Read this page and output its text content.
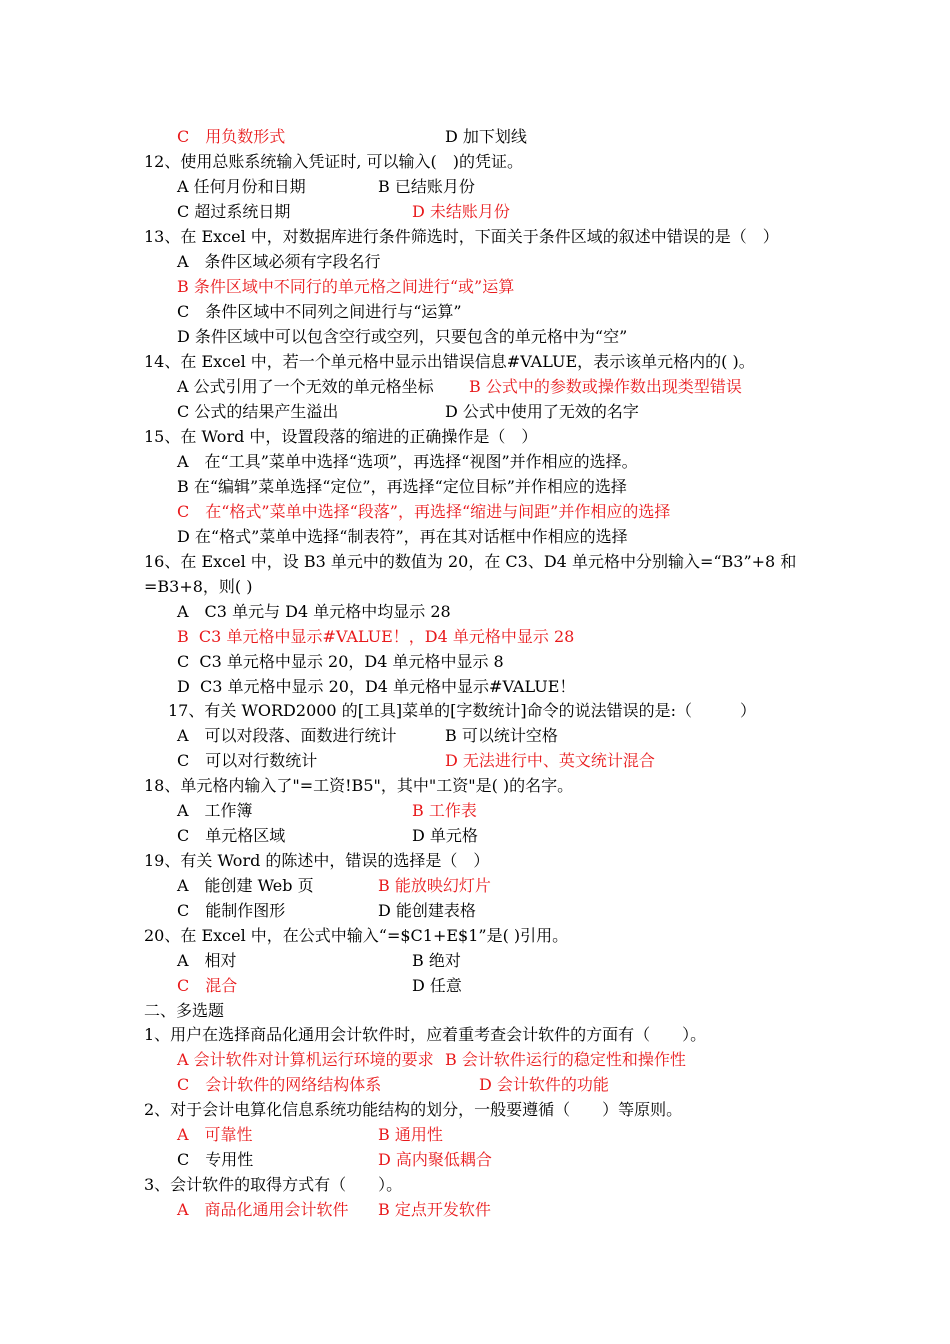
C　用负数形式

	D 加下划线

12、使用总账系统输入凭证时, 可以输入(　)的凭证。

A 任何月份和日期

	B 已结账月份

C 超过系统日期

	D 未结账月份

13、在 Excel 中，对数据库进行条件筛选时，下面关于条件区域的叙述中错误的是（　）
A　条件区域必须有字段名行
B 条件区域中不同行的单元格之间进行“或”运算
C　条件区域中不同列之间进行与“运算”
D 条件区域中可以包含空行或空列，只要包含的单元格中为“空”
14、在 Excel 中，若一个单元格中显示出错误信息#VALUE，表示该单元格内的( )。

A 公式引用了一个无效的单元格坐标

B 公式中的参数或操作数出现类型错误

C 公式的结果产生溢出

	D 公式中使用了无效的名字

15、在 Word 中，设置段落的缩进的正确操作是（　）
A　在“工具”菜单中选择“选项”，再选择“视图”并作相应的选择。
B 在“编辑”菜单选择“定位”，再选择“定位目标”并作相应的选择
C　在“格式”菜单中选择“段落”，再选择“缩进与间距”并作相应的选择
D 在“格式”菜单中选择“制表符”，再在其对话框中作相应的选择
16、在 Excel 中，设 B3 单元中的数值为 20，在 C3、D4 单元格中分别输入=“B3”+8 和
=B3+8，则( )
A　C3 单元与 D4 单元格中均显示 28
B  C3 单元格中显示#VALUE！，D4 单元格中显示 28
C  C3 单元格中显示 20，D4 单元格中显示 8
D  C3 单元格中显示 20，D4 单元格中显示#VALUE！
17、有关 WORD2000 的[工具]菜单的[字数统计]命令的说法错误的是:（　　　）

A　可以对段落、面数进行统计

	B 可以统计空格

C　可以对行数统计

	D 无法进行中、英文统计混合

18、单元格内输入了"=工资!B5"，其中"工资"是( )的名字。

A　工作簿

	B 工作表

C　单元格区域

	D 单元格

19、有关 Word 的陈述中，错误的选择是（　）

A　能创建 Web 页

	B 能放映幻灯片

C　能制作图形

	D 能创建表格

20、在 Excel 中，在公式中输入“=$C1+E$1”是( )引用。

A　相对

	B 绝对

C　混合

	D 任意

二、多选题
1、用户在选择商品化通用会计软件时，应着重考查会计软件的方面有（　　）。

A 会计软件对计算机运行环境的要求

B 会计软件运行的稳定性和操作性

C　会计软件的网络结构体系

	D 会计软件的功能

2、对于会计电算化信息系统功能结构的划分，一般要遵循（　　）等原则。

A　可靠性

	B 通用性

C　专用性

	D 高内聚低耦合

3、会计软件的取得方式有（　　）。

A　商品化通用会计软件

B 定点开发软件
